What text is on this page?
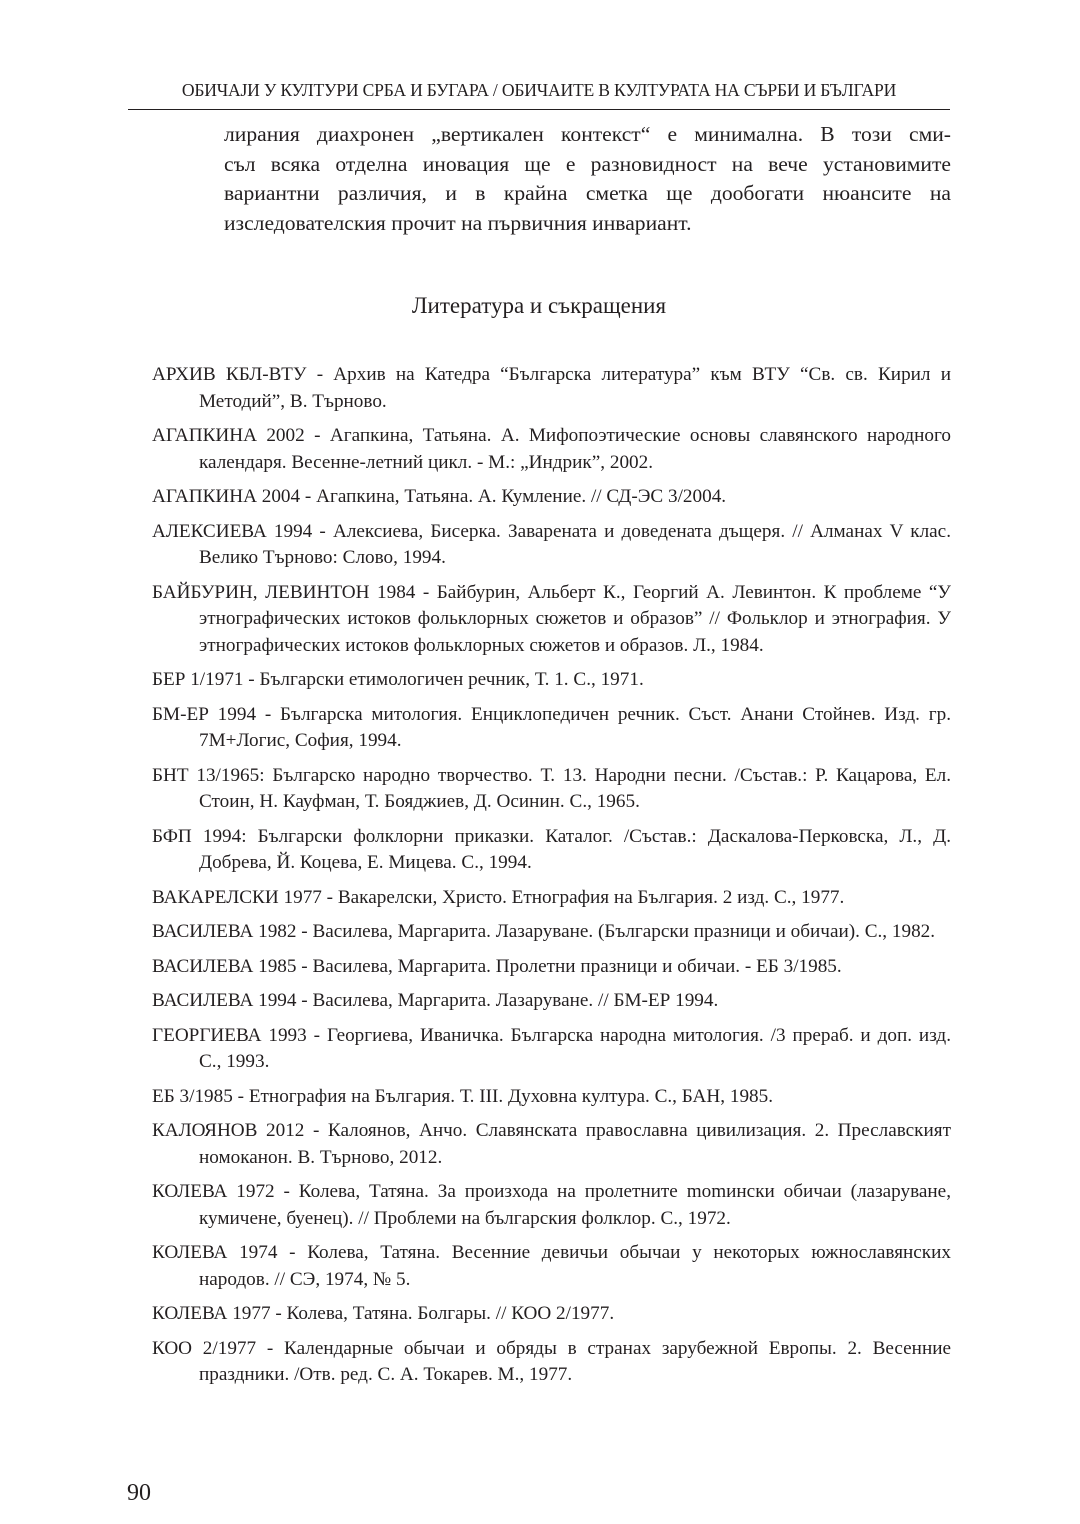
ОБИЧАЈИ У КУЛТУРИ СРБА И БУГАРА / ОБИЧАИТЕ В КУЛТУРАТА НА СЪРБИ И БЪЛГАРИ
лирания диахронен „вертикален контекст“ е минимална. В този сми-
съл всяка отделна иновация ще е разновидност на вече установимите
вариантни различия, и в крайна сметка ще дообогати нюансите на
изследователския прочит на първичния инвариант.
Литература и съкращения
АРХИВ КБЛ-ВТУ - Архив на Катедра “Българска литература” към ВТУ “Св. св. Кирил и Методий”, В. Търново.
АГАПКИНА 2002 - Агапкина, Татьяна. А. Мифопоэтические основы славянского народного календаря. Весенне-летний цикл. - М.: „Индрик”, 2002.
АГАПКИНА 2004 - Агапкина, Татьяна. А. Кумление. // СД-ЭС 3/2004.
АЛЕКСИЕВА 1994 - Алексиева, Бисерка. Заварената и доведената дъщеря. // Алманах V клас. Велико Търново: Слово, 1994.
БАЙБУРИН, ЛЕВИНТОН 1984 - Байбурин, Альберт К., Георгий А. Левинтон. К проблеме “У этнографических истоков фольклорных сюжетов и образов” // Фольклор и этнография. У этнографических истоков фольклорных сюжетов и образов. Л., 1984.
БЕР 1/1971 - Български етимологичен речник, Т. 1. С., 1971.
БМ-ЕР 1994 - Българска митология. Енциклопедичен речник. Съст. Анани Стойнев. Изд. гр. 7М+Логис, София, 1994.
БНТ 13/1965: Българско народно творчество. Т. 13. Народни песни. /Състав.: Р. Кацарова, Ел. Стоин, Н. Кауфман, Т. Бояджиев, Д. Осинин. С., 1965.
БФП 1994: Български фолклорни приказки. Каталог. /Състав.: Даскалова-Перковска, Л., Д. Добрева, Й. Коцева, Е. Мицева. С., 1994.
ВАКАРЕЛСКИ 1977 - Вакарелски, Христо. Етнография на България. 2 изд. С., 1977.
ВАСИЛЕВА 1982 - Василева, Маргарита. Лазаруване. (Български празници и обичаи). С., 1982.
ВАСИЛЕВА 1985 - Василева, Маргарита. Пролетни празници и обичаи. - ЕБ 3/1985.
ВАСИЛЕВА 1994 - Василева, Маргарита. Лазаруване. // БМ-ЕР 1994.
ГЕОРГИЕВА 1993 - Георгиева, Иваничка. Българска народна митология. /3 прераб. и доп. изд. С., 1993.
ЕБ 3/1985 - Етнография на България. Т. III. Духовна култура. С., БАН, 1985.
КАЛОЯНОВ 2012 - Калоянов, Анчо. Славянската православна цивилизация. 2. Преславският номоканон. В. Търново, 2012.
КОЛЕВА 1972 - Колева, Татяна. За произхода на пролетните momински обичаи (лазаруване, кумичене, буенец). // Проблеми на българския фолклор. С., 1972.
КОЛЕВА 1974 - Колева, Татяна. Весенние девичьи обычаи у некоторых южнославянских народов. // СЭ, 1974, № 5.
КОЛЕВА 1977 - Колева, Татяна. Болгары. // КОО 2/1977.
КОО 2/1977 - Календарные обычаи и обряды в странах зарубежной Европы. 2. Весенние праздники. /Отв. ред. С. А. Токарев. М., 1977.
90
